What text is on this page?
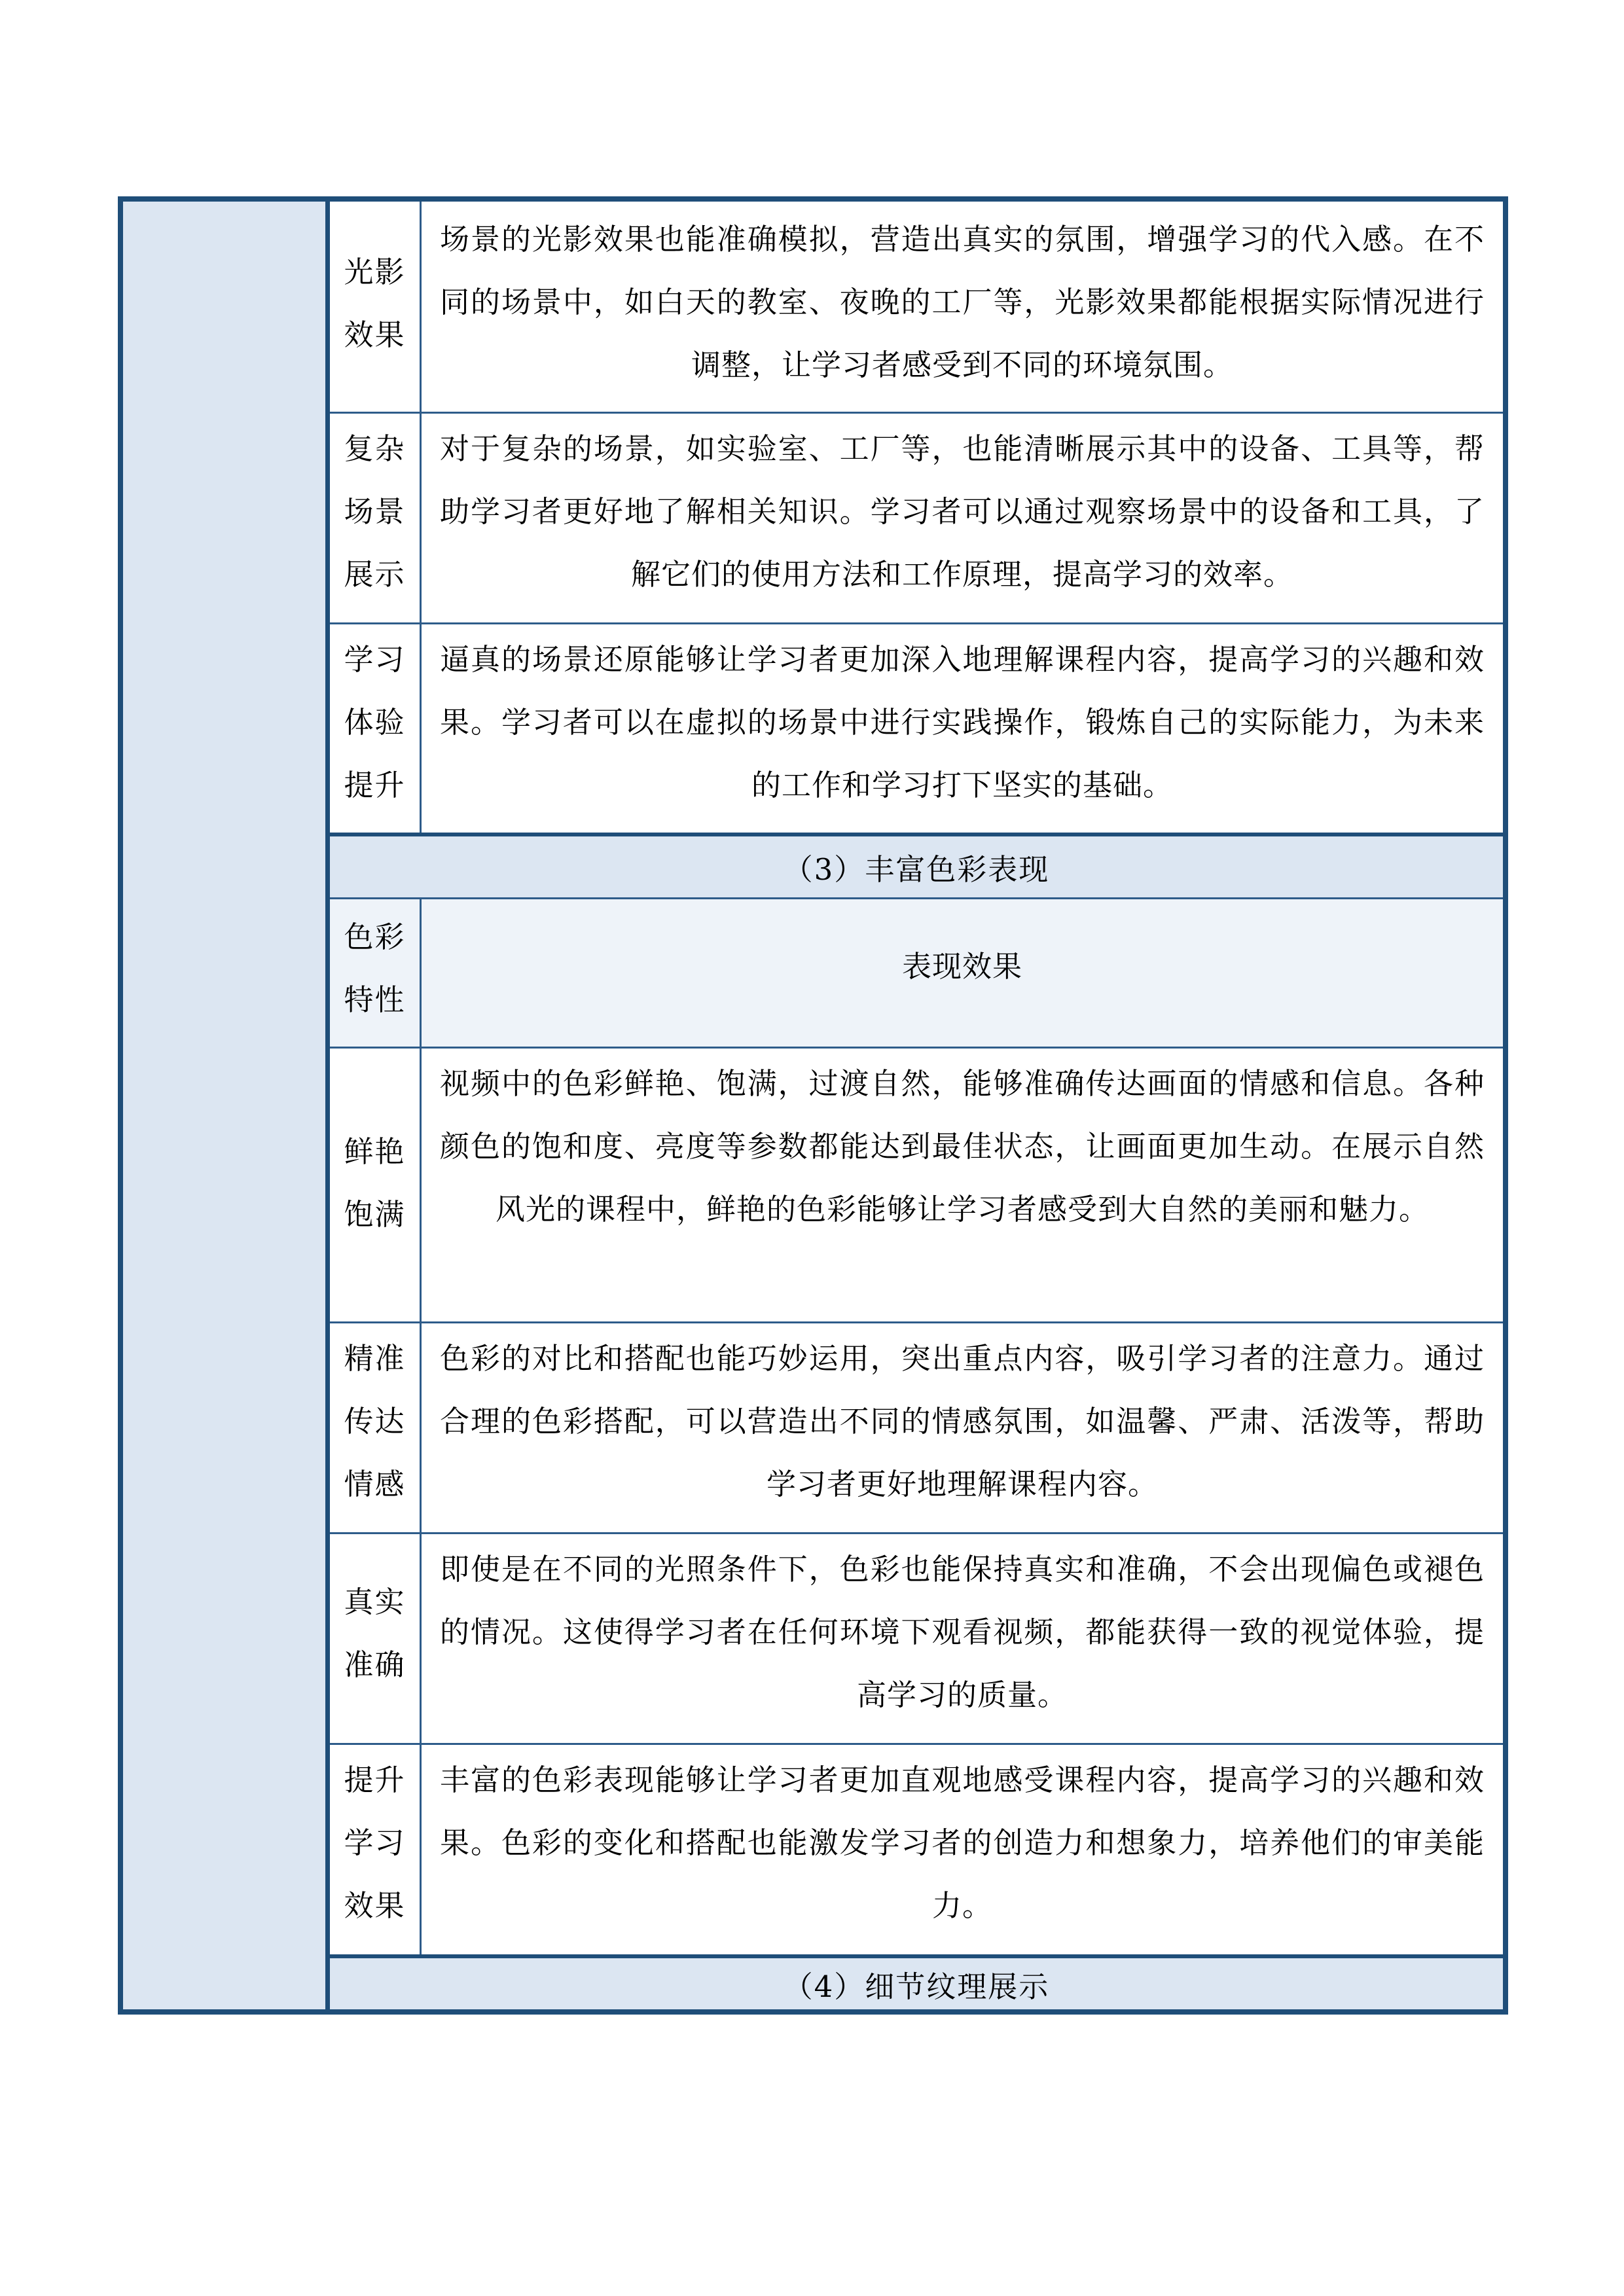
光影
效果
场景的光影效果也能准确模拟，营造出真实的氛围，增强学习的代入感。在不同的场景中，如白天的教室、夜晚的工厂等，光影效果都能根据实际情况进行调整，让学习者感受到不同的环境氛围。
复杂
场景
展示
对于复杂的场景，如实验室、工厂等，也能清晰展示其中的设备、工具等，帮助学习者更好地了解相关知识。学习者可以通过观察场景中的设备和工具，了解它们的使用方法和工作原理，提高学习的效率。
学习
体验
提升
逼真的场景还原能够让学习者更加深入地理解课程内容，提高学习的兴趣和效果。学习者可以在虚拟的场景中进行实践操作，锻炼自己的实际能力，为未来的工作和学习打下坚实的基础。
（3）丰富色彩表现
色彩
特性
表现效果
鲜艳
饱满
视频中的色彩鲜艳、饱满，过渡自然，能够准确传达画面的情感和信息。各种颜色的饱和度、亮度等参数都能达到最佳状态，让画面更加生动。在展示自然风光的课程中，鲜艳的色彩能够让学习者感受到大自然的美丽和魅力。
精准
传达
情感
色彩的对比和搭配也能巧妙运用，突出重点内容，吸引学习者的注意力。通过合理的色彩搭配，可以营造出不同的情感氛围，如温馨、严肃、活泼等，帮助学习者更好地理解课程内容。
真实
准确
即使是在不同的光照条件下，色彩也能保持真实和准确，不会出现偏色或褪色的情况。这使得学习者在任何环境下观看视频，都能获得一致的视觉体验，提高学习的质量。
提升
学习
效果
丰富的色彩表现能够让学习者更加直观地感受课程内容，提高学习的兴趣和效果。色彩的变化和搭配也能激发学习者的创造力和想象力，培养他们的审美能力。
（4）细节纹理展示
